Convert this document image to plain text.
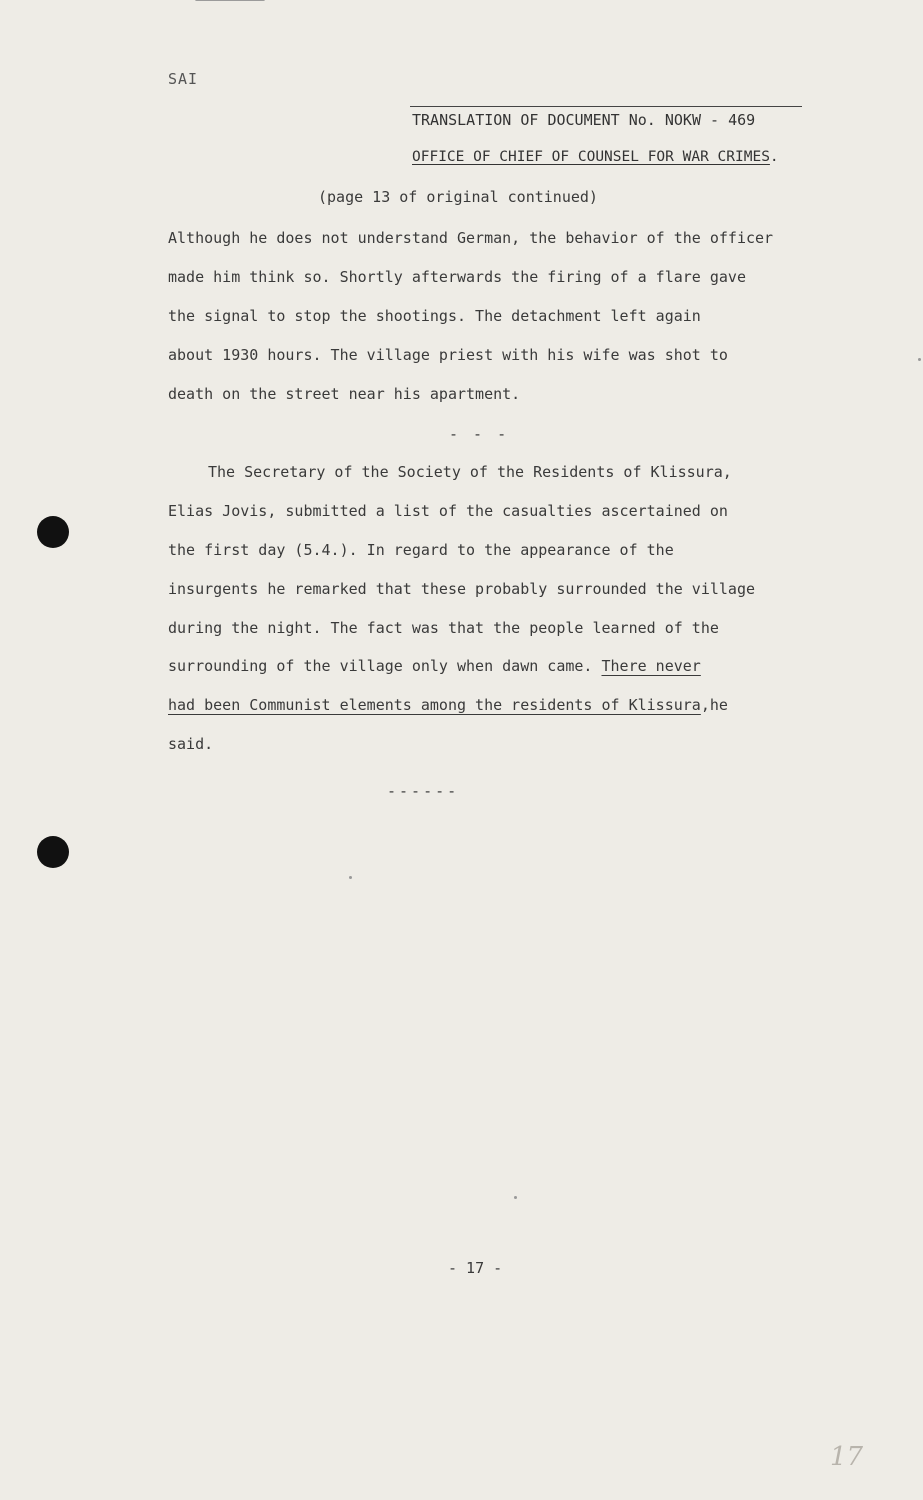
SAI
TRANSLATION OF DOCUMENT No. NOKW - 469
OFFICE OF CHIEF OF COUNSEL FOR WAR CRIMES.
(page 13 of original continued)
Although he does not understand German, the behavior of the officer
made him think so. Shortly afterwards the firing of a flare gave
the signal to stop the shootings. The detachment left again
about 1930 hours. The village priest with his wife was shot to
death on the street near his apartment.
- - -
The Secretary of the Society of the Residents of Klissura,
Elias Jovis, submitted a list of the casualties ascertained on
the first day (5.4.). In regard to the appearance of the
insurgents he remarked that these probably surrounded the village
during the night. The fact was that the people learned of the
surrounding of the village only when dawn came. There never
had been Communist elements among the residents of Klissura,he
said.
------
- 17 -
17
